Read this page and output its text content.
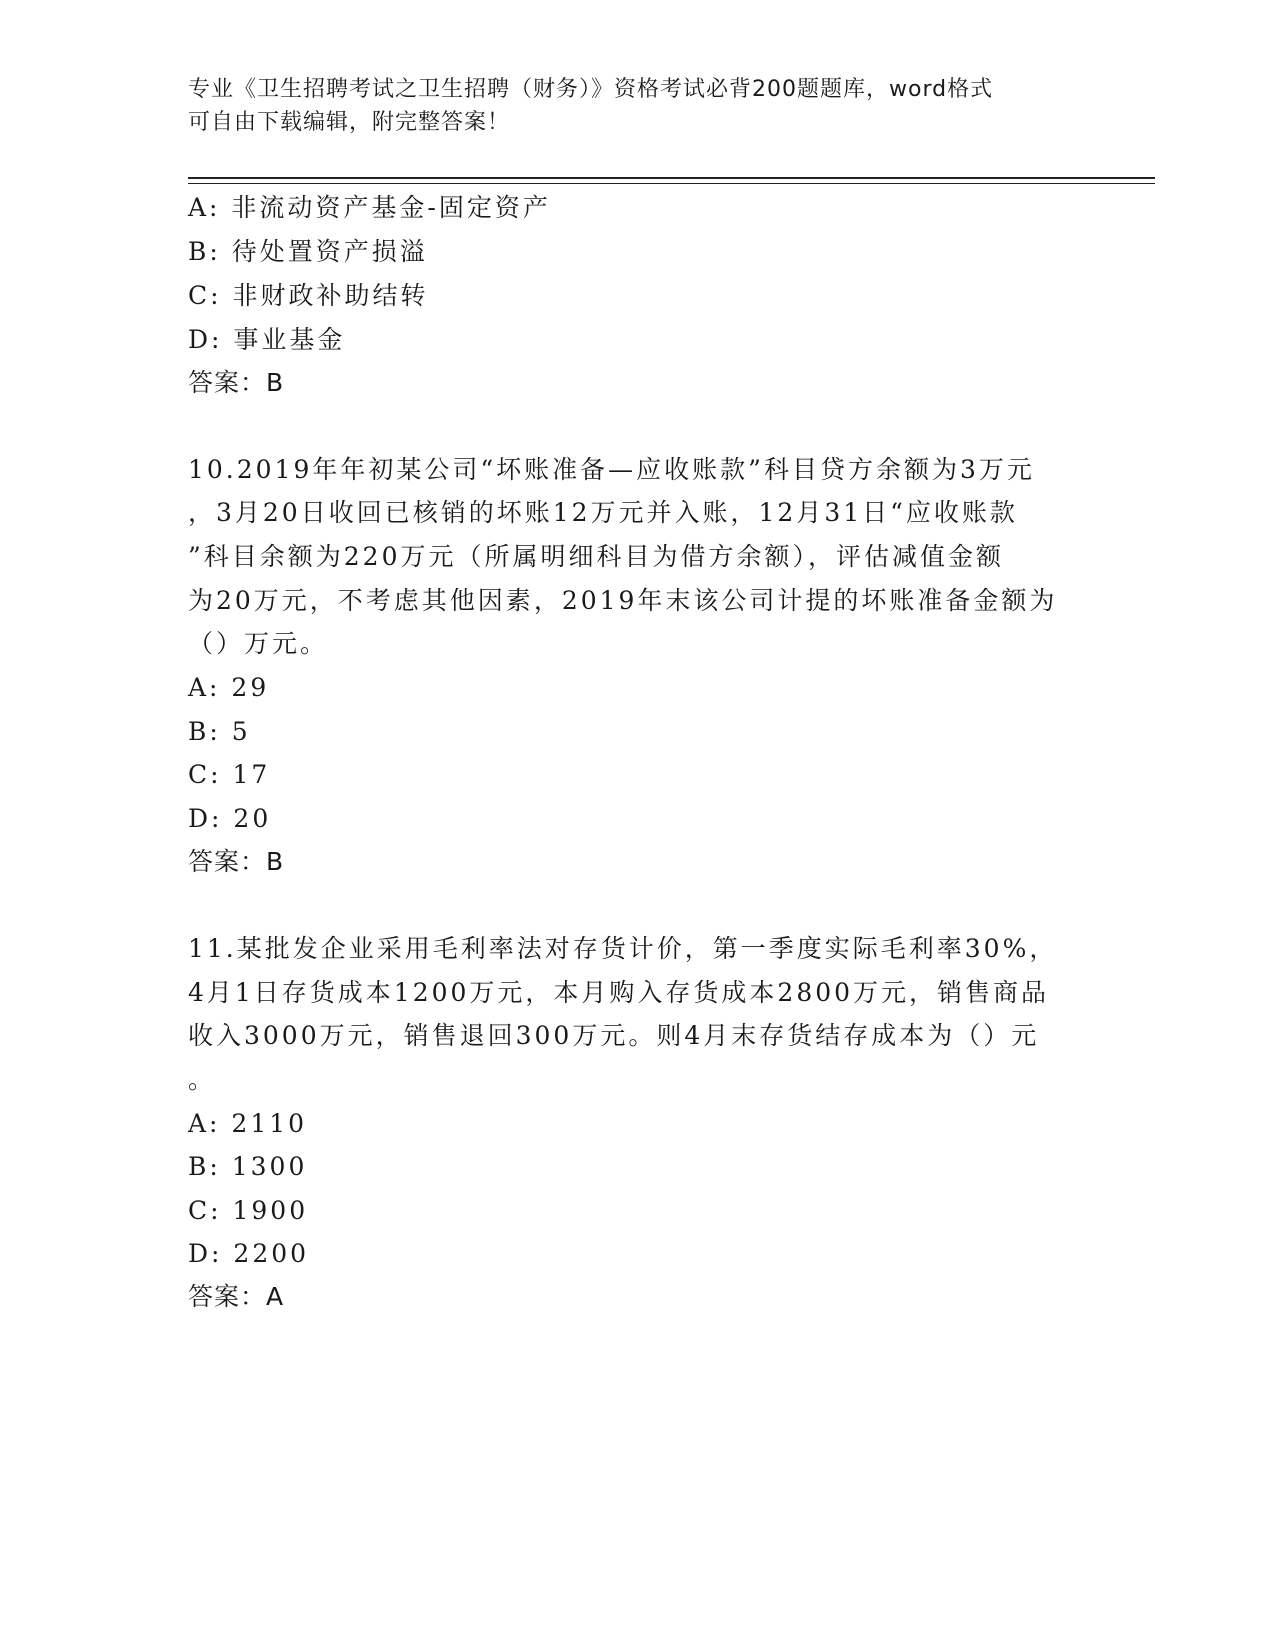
专业《卫生招聘考试之卫生招聘（财务）》资格考试必背200题题库，word格式
可自由下载编辑，附完整答案！
A: 非流动资产基金-固定资产
B: 待处置资产损溢
C: 非财政补助结转
D: 事业基金
答案：B
10.2019年年初某公司“坏账准备—应收账款”科目贷方余额为3万元
，3月20日收回已核销的坏账12万元并入账，12月31日“应收账款
”科目余额为220万元（所属明细科目为借方余额），评估减值金额
为20万元，不考虑其他因素，2019年末该公司计提的坏账准备金额为
（）万元。
A: 29
B: 5
C: 17
D: 20
答案：B
11.某批发企业采用毛利率法对存货计价，第一季度实际毛利率30%，
4月1日存货成本1200万元，本月购入存货成本2800万元，销售商品
收入3000万元，销售退回300万元。则4月末存货结存成本为（）元
。
A: 2110
B: 1300
C: 1900
D: 2200
答案：A
